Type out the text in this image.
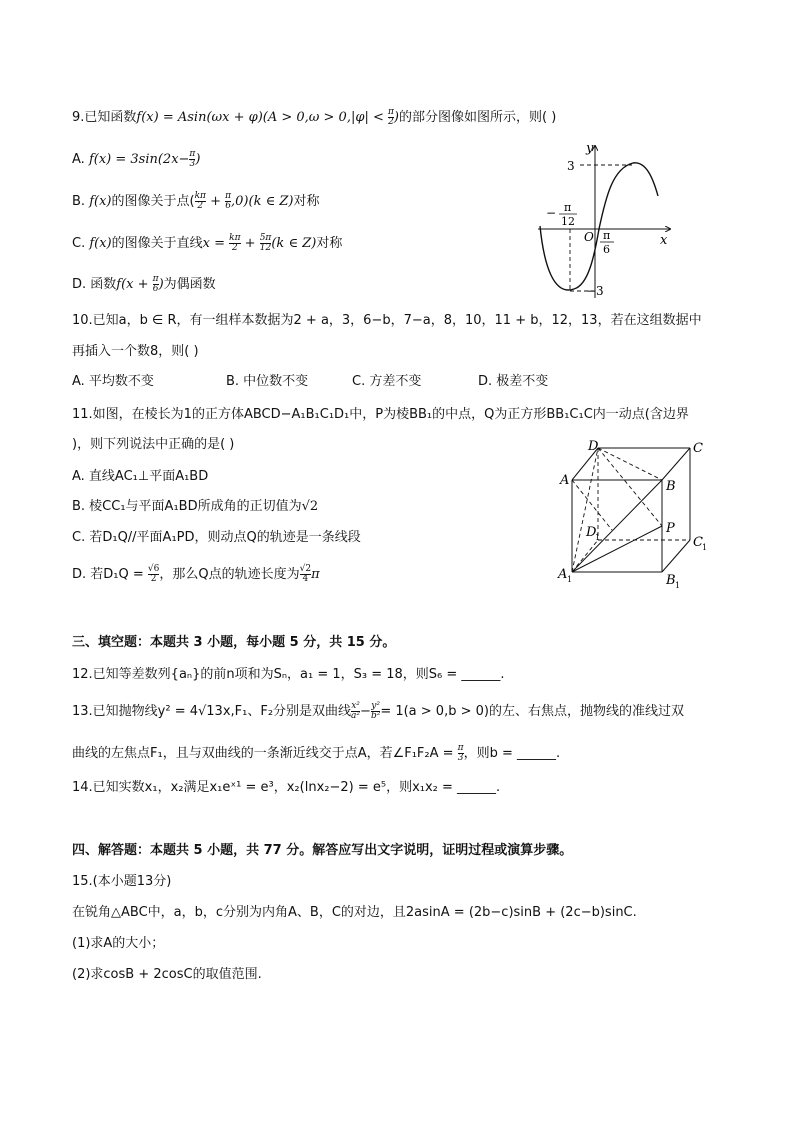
9.已知函数$f(x) = Asin(\omega x + \varphi)(A > 0,\omega > 0,|\varphi| < \frac{\pi}{2}$ )的部分图像如图所示，则( )
A. $f(x) = 3\sin(2x- \frac{\pi}{3}$ )
B. f(x)的图像关于点( $\frac{k\pi}{2} + \frac{\pi}{6} ,0)(k$ ∈ Z)对称
C. f(x)的图像关于直线$x = \frac{k\pi}{2} + \frac{5\pi}{12} (k$ ∈ Z)对称
D. 函数$f(x + \frac{\pi}{6}$ )为偶函数
y
x
3
−3
O
− π
12
π
6
10.已知a，b ∈ R，有一组样本数据为2 + a，3，6−b，7−a，8，10，11 + b，12，13，若在这组数据中
再插入一个数8，则( )
A. 平均数不变	B. 中位数不变	C. 方差不变	D. 极差不变
11.如图，在棱长为1的正方体ABCD−A₁B₁C₁D₁中，P为棱BB₁的中点，Q为正方形BB₁C₁C内一动点(含边界
)，则下列说法中正确的是( )
A. 直线AC₁⊥平面A₁BD
B. 棱CC₁与平面A₁BD所成角的正切值为√2
C. 若D₁Q//平面A₁PD，则动点Q的轨迹是一条线段
D. 若$D_1Q = \frac{√6}{2}$ ，那么Q点的轨迹长度为 $\frac{√2}{4}$ π
D	C
A	B
D
1
P
C 1
A 1	B 1
三、填空题：本题共 3 小题，每小题 5 分，共 15 分。
12.已知等差数列{aₙ}的前n项和为Sₙ，a₁ = 1，S₃ = 18，则S₆ = ______.
13.已知抛物线y² = 4√13x,F₁、F₂分别是双曲线 $\frac{\text{x²}}{\text{a²}} - \frac{\text{y²}}{\text{b²}} = 1(a > 0,b > 0)$的左、右焦点，抛物线的准线过双
曲线的左焦点F₁，且与双曲线的一条渐近线交于点A，若∠F₁F₂A = $\frac{\pi}{3}$ ，则b = ______.
14.已知实数x₁，x₂满足x₁eˣ¹ = e³，x₂(lnx₂−2) = e⁵，则x₁x₂ = ______.
四、解答题：本题共 5 小题，共 77 分。解答应写出文字说明，证明过程或演算步骤。
15.(本小题13分)
在锐角△ABC中，a，b，c分别为内角A、B，C的对边，且2asinA = (2b−c)sinB + (2c−b)sinC.
(1)求A的大小；
(2)求cosB + 2cosC的取值范围.
